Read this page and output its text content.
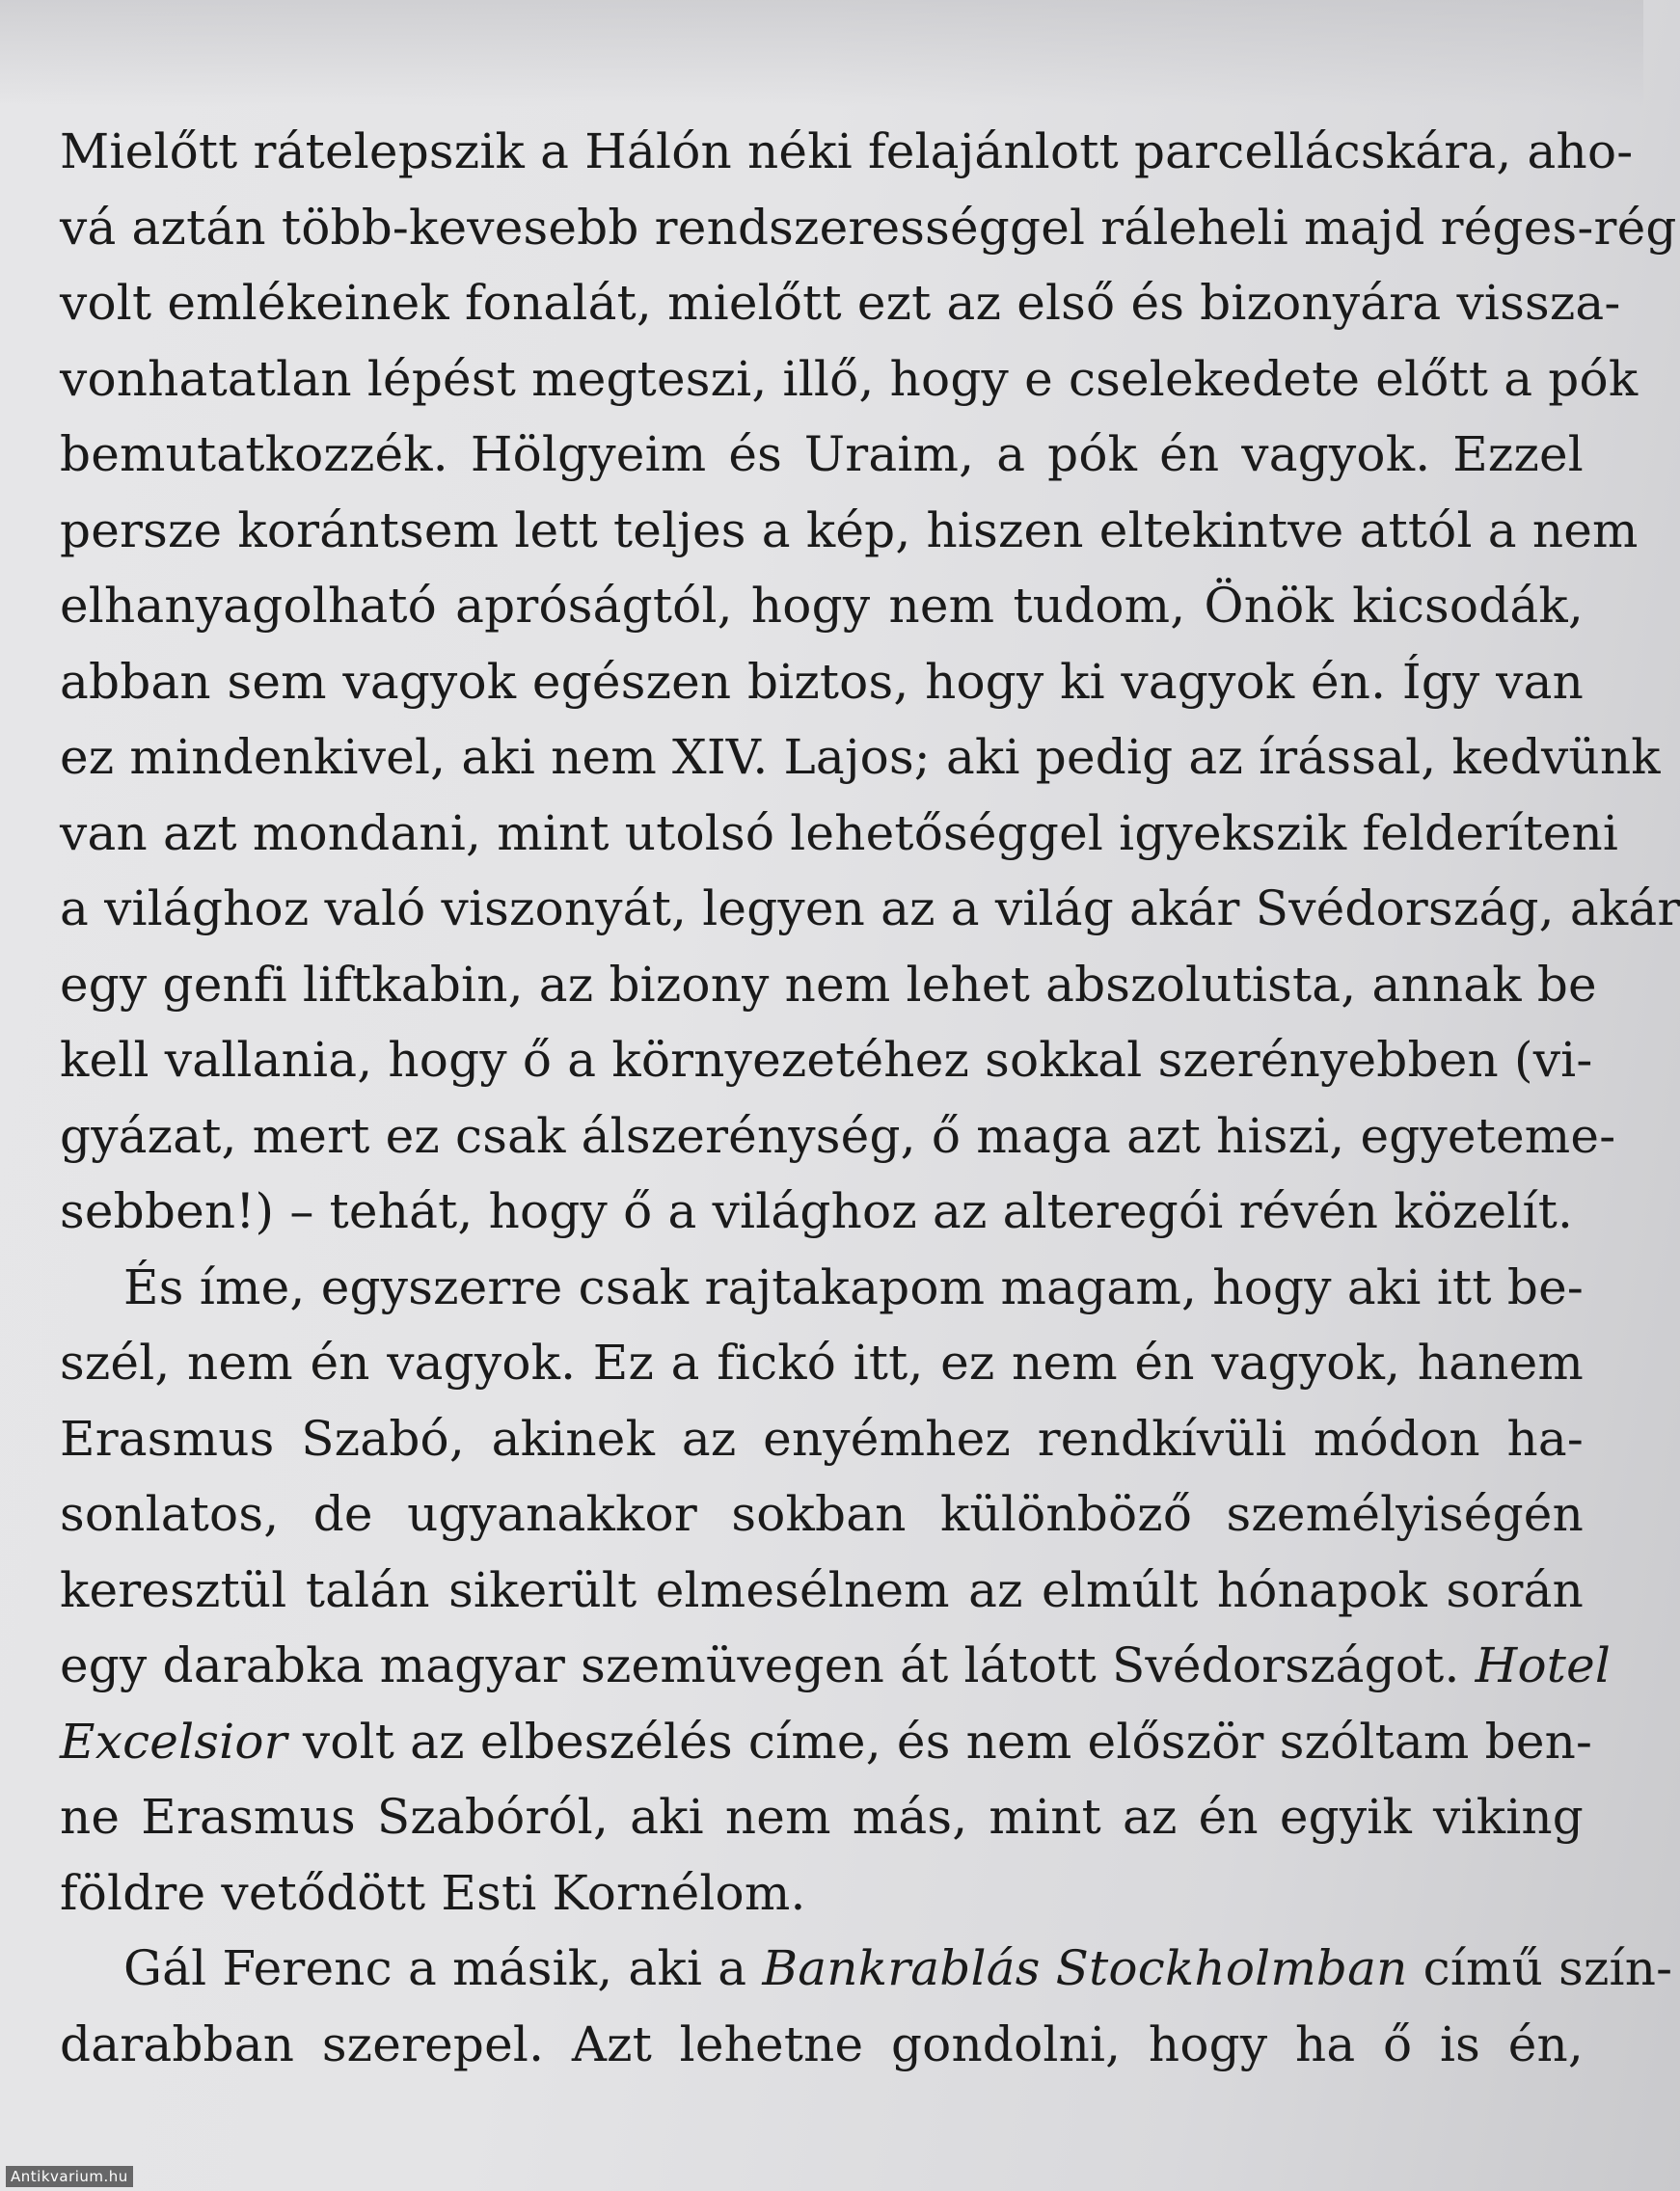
Mielőtt rátelepszik a Hálón néki felajánlott parcellácskára, aho-
vá aztán több-kevesebb rendszerességgel ráleheli majd réges-rég
volt emlékeinek fonalát, mielőtt ezt az első és bizonyára vissza-
vonhatatlan lépést megteszi, illő, hogy e cselekedete előtt a pók
bemutatkozzék. Hölgyeim és Uraim, a pók én vagyok. Ezzel
persze korántsem lett teljes a kép, hiszen eltekintve attól a nem
elhanyagolható apróságtól, hogy nem tudom, Önök kicsodák,
abban sem vagyok egészen biztos, hogy ki vagyok én. Így van
ez mindenkivel, aki nem XIV. Lajos; aki pedig az írással, kedvünk
van azt mondani, mint utolsó lehetőséggel igyekszik felderíteni
a világhoz való viszonyát, legyen az a világ akár Svédország, akár
egy genfi liftkabin, az bizony nem lehet abszolutista, annak be
kell vallania, hogy ő a környezetéhez sokkal szerényebben (vi-
gyázat, mert ez csak álszerénység, ő maga azt hiszi, egyeteme-
sebben!) – tehát, hogy ő a világhoz az alteregói révén közelít.
És íme, egyszerre csak rajtakapom magam, hogy aki itt be-
szél, nem én vagyok. Ez a fickó itt, ez nem én vagyok, hanem
Erasmus Szabó, akinek az enyémhez rendkívüli módon ha-
sonlatos, de ugyanakkor sokban különböző személyiségén
keresztül talán sikerült elmesélnem az elmúlt hónapok során
egy darabka magyar szemüvegen át látott Svédországot. Hotel
Excelsior volt az elbeszélés címe, és nem először szóltam ben-
ne Erasmus Szabóról, aki nem más, mint az én egyik viking
földre vetődött Esti Kornélom.
Gál Ferenc a másik, aki a Bankrablás Stockholmban című szín-
darabban szerepel. Azt lehetne gondolni, hogy ha ő is én,
Antikvarium.hu
